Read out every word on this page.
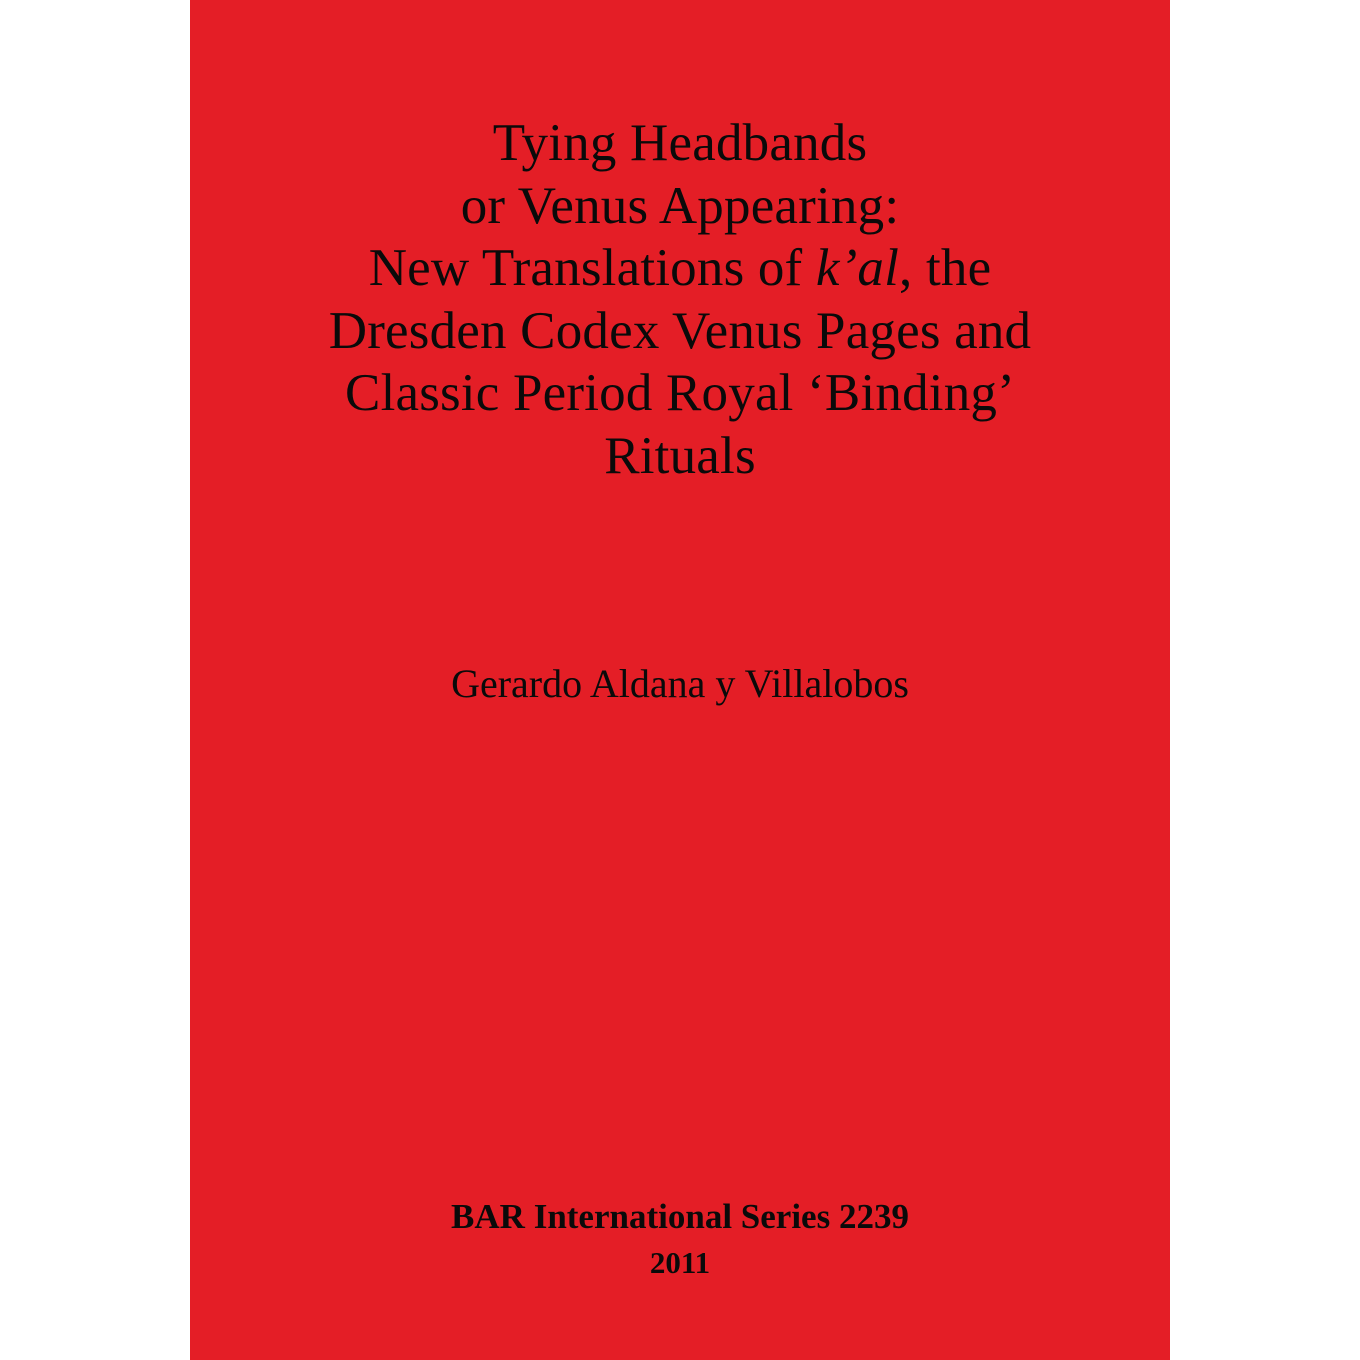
Tying Headbands
or Venus Appearing:
New Translations of k’al, the
Dresden Codex Venus Pages and
Classic Period Royal ‘Binding’
Rituals
Gerardo Aldana y Villalobos
BAR International Series 2239
2011
